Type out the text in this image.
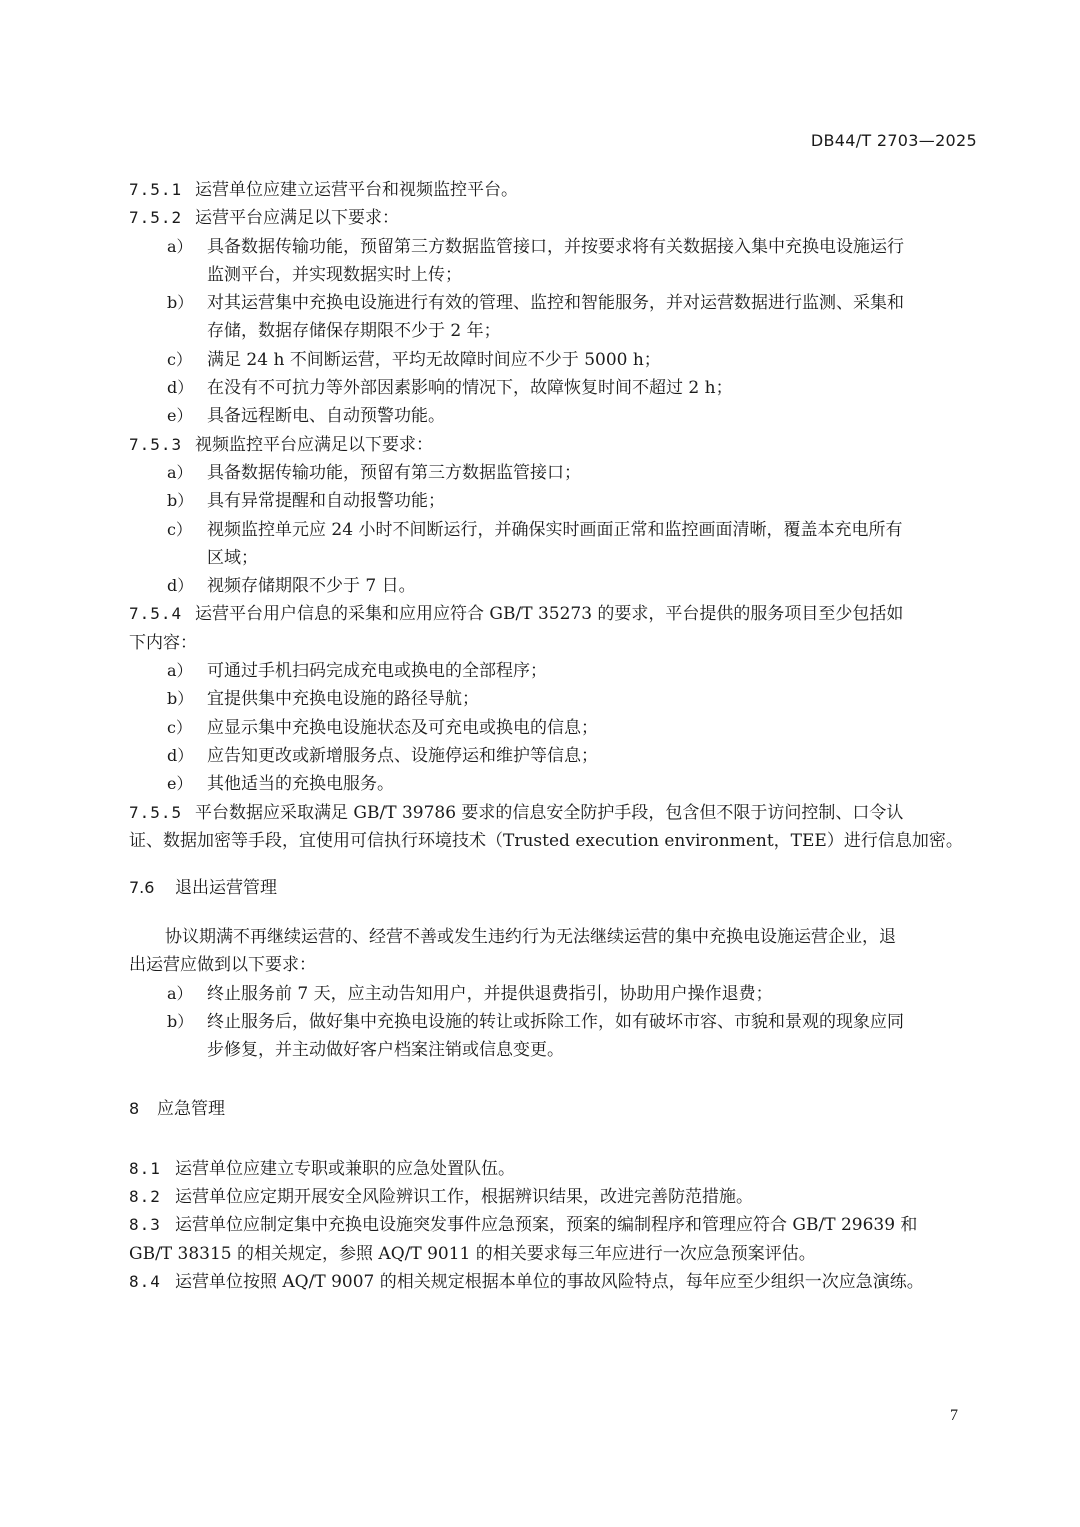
DB44/T 2703—2025
7.5.1 运营单位应建立运营平台和视频监控平台。
7.5.2 运营平台应满足以下要求：
a） 具备数据传输功能，预留第三方数据监管接口，并按要求将有关数据接入集中充换电设施运行
监测平台，并实现数据实时上传；
b） 对其运营集中充换电设施进行有效的管理、监控和智能服务，并对运营数据进行监测、采集和
存储，数据存储保存期限不少于 2 年；
c） 满足 24 h 不间断运营，平均无故障时间应不少于 5000 h；
d） 在没有不可抗力等外部因素影响的情况下，故障恢复时间不超过 2 h；
e） 具备远程断电、自动预警功能。
7.5.3 视频监控平台应满足以下要求：
a） 具备数据传输功能，预留有第三方数据监管接口；
b） 具有异常提醒和自动报警功能；
c） 视频监控单元应 24 小时不间断运行，并确保实时画面正常和监控画面清晰，覆盖本充电所有
区域；
d） 视频存储期限不少于 7 日。
7.5.4 运营平台用户信息的采集和应用应符合 GB/T 35273 的要求，平台提供的服务项目至少包括如
下内容：
a） 可通过手机扫码完成充电或换电的全部程序；
b） 宜提供集中充换电设施的路径导航；
c） 应显示集中充换电设施状态及可充电或换电的信息；
d） 应告知更改或新增服务点、设施停运和维护等信息；
e） 其他适当的充换电服务。
7.5.5 平台数据应采取满足 GB/T 39786 要求的信息安全防护手段，包含但不限于访问控制、口令认
证、数据加密等手段，宜使用可信执行环境技术（Trusted execution environment，TEE）进行信息加密。
7.6 退出运营管理
协议期满不再继续运营的、经营不善或发生违约行为无法继续运营的集中充换电设施运营企业，退
出运营应做到以下要求：
a） 终止服务前 7 天，应主动告知用户，并提供退费指引，协助用户操作退费；
b） 终止服务后，做好集中充换电设施的转让或拆除工作，如有破坏市容、市貌和景观的现象应同
步修复，并主动做好客户档案注销或信息变更。
8 应急管理
8.1 运营单位应建立专职或兼职的应急处置队伍。
8.2 运营单位应定期开展安全风险辨识工作，根据辨识结果，改进完善防范措施。
8.3 运营单位应制定集中充换电设施突发事件应急预案，预案的编制程序和管理应符合 GB/T 29639 和
GB/T 38315 的相关规定，参照 AQ/T 9011 的相关要求每三年应进行一次应急预案评估。
8.4 运营单位按照 AQ/T 9007 的相关规定根据本单位的事故风险特点，每年应至少组织一次应急演练。
7
